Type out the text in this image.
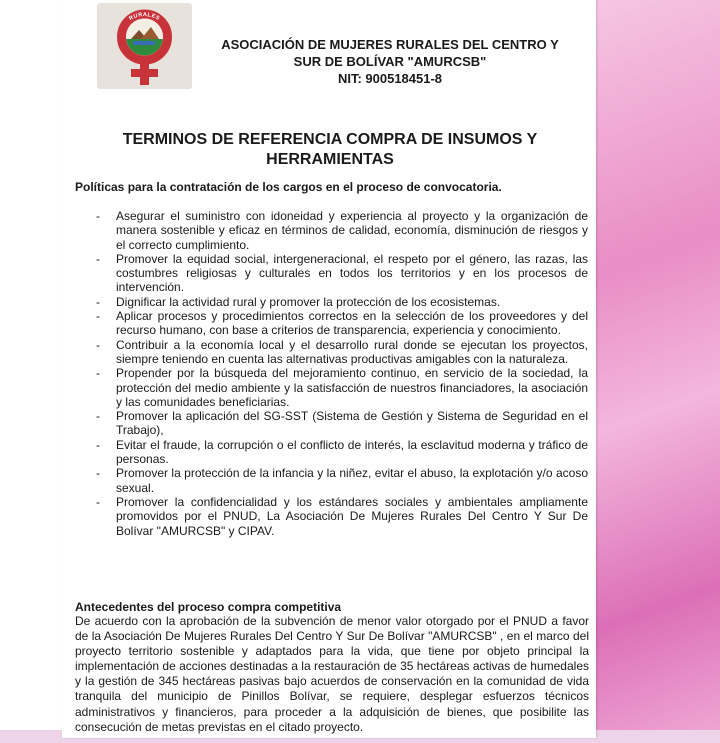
RURALES
ASOCIACIÓN DE MUJERES RURALES DEL CENTRO Y
SUR DE BOLÍVAR "AMURCSB"
NIT: 900518451-8
TERMINOS DE REFERENCIA COMPRA DE INSUMOS Y
HERRAMIENTAS
Políticas para la contratación de los cargos en el proceso de convocatoria.
- Asegurar el suministro con idoneidad y experiencia al proyecto y la organización de manera sostenible y eficaz en términos de calidad, economía, disminución de riesgos y el correcto cumplimiento.
- Promover la equidad social, intergeneracional, el respeto por el género, las razas, las costumbres religiosas y culturales en todos los territorios y en los procesos de intervención.
- Dignificar la actividad rural y promover la protección de los ecosistemas.
- Aplicar procesos y procedimientos correctos en la selección de los proveedores y del recurso humano, con base a criterios de transparencia, experiencia y conocimiento.
- Contribuir a la economía local y el desarrollo rural donde se ejecutan los proyectos, siempre teniendo en cuenta las alternativas productivas amigables con la naturaleza.
- Propender por la búsqueda del mejoramiento continuo, en servicio de la sociedad, la protección del medio ambiente y la satisfacción de nuestros financiadores, la asociación y las comunidades beneficiarias.
- Promover la aplicación del SG-SST (Sistema de Gestión y Sistema de Seguridad en el Trabajo),
- Evitar el fraude, la corrupción o el conflicto de interés, la esclavitud moderna y tráfico de personas.
- Promover la protección de la infancia y la niñez, evitar el abuso, la explotación y/o acoso sexual.
- Promover la confidencialidad y los estándares sociales y ambientales ampliamente promovidos por el PNUD, La Asociación De Mujeres Rurales Del Centro Y Sur De Bolívar "AMURCSB" y CIPAV.
Antecedentes del proceso compra competitiva

De acuerdo con la aprobación de la subvención de menor valor otorgado por el PNUD a favor de la Asociación De Mujeres Rurales Del Centro Y Sur De Bolívar "AMURCSB" , en el marco del proyecto territorio sostenible y adaptados para la vida, que tiene por objeto principal la implementación de acciones destinadas a la restauración de 35 hectáreas activas de humedales y la gestión de 345 hectáreas pasivas bajo acuerdos de conservación en la comunidad de vida tranquila del municipio de Pinillos Bolívar, se requiere, desplegar esfuerzos técnicos administrativos y financieros, para proceder a la adquisición de bienes, que posibilite las consecución de metas previstas en el citado proyecto.
